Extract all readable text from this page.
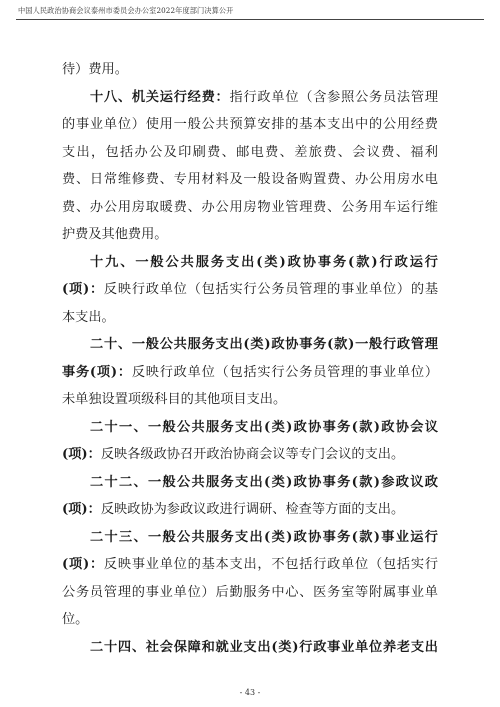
中国人民政治协商会议泰州市委员会办公室2022年度部门决算公开
待）费用。
十八、机关运行经费：指行政单位（含参照公务员法管理
的事业单位）使用一般公共预算安排的基本支出中的公用经费
支出，包括办公及印刷费、邮电费、差旅费、会议费、福利
费、日常维修费、专用材料及一般设备购置费、办公用房水电
费、办公用房取暖费、办公用房物业管理费、公务用车运行维
护费及其他费用。
十九、一般公共服务支出(类)政协事务(款)行政运行
(项)：反映行政单位（包括实行公务员管理的事业单位）的基
本支出。
二十、一般公共服务支出(类)政协事务(款)一般行政管理
事务(项)：反映行政单位（包括实行公务员管理的事业单位）
未单独设置项级科目的其他项目支出。
二十一、一般公共服务支出(类)政协事务(款)政协会议
(项)：反映各级政协召开政治协商会议等专门会议的支出。
二十二、一般公共服务支出(类)政协事务(款)参政议政
(项)：反映政协为参政议政进行调研、检查等方面的支出。
二十三、一般公共服务支出(类)政协事务(款)事业运行
(项)：反映事业单位的基本支出，不包括行政单位（包括实行
公务员管理的事业单位）后勤服务中心、医务室等附属事业单
位。
二十四、社会保障和就业支出(类)行政事业单位养老支出
- 43 -
